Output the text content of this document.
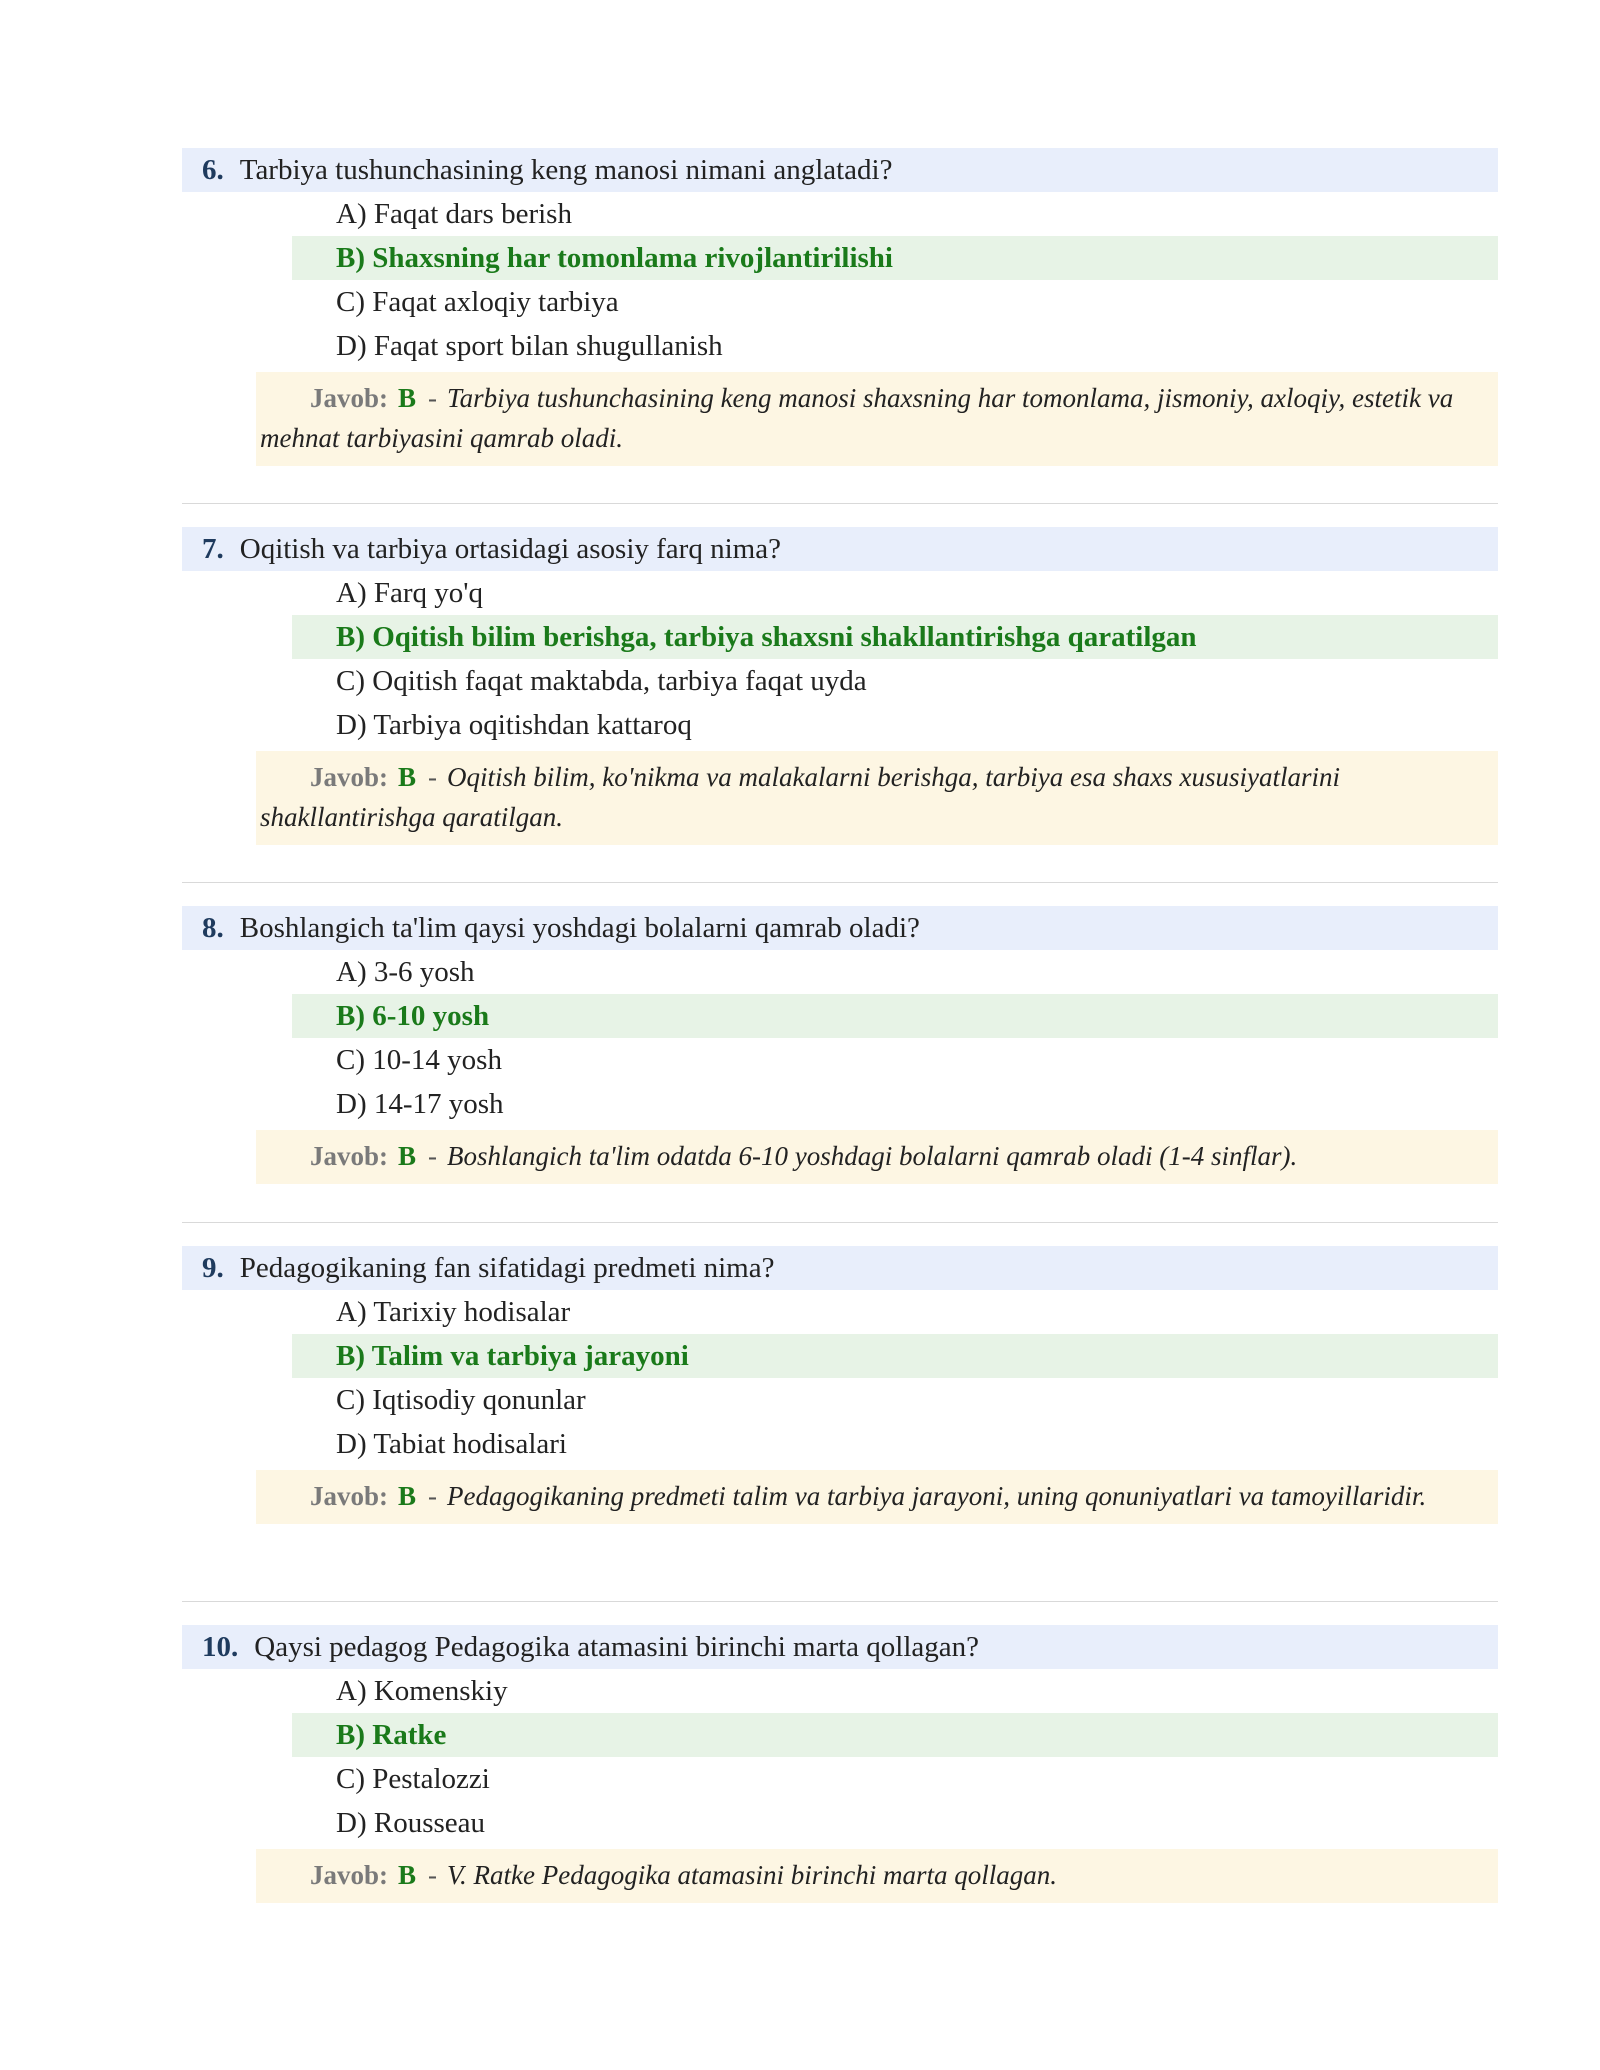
6. Tarbiya tushunchasining keng manosi nimani anglatadi?
A) Faqat dars berish
B) Shaxsning har tomonlama rivojlantirilishi
C) Faqat axloqiy tarbiya
D) Faqat sport bilan shugullanish
Javob: B - Tarbiya tushunchasining keng manosi shaxsning har tomonlama, jismoniy, axloqiy, estetik va mehnat tarbiyasini qamrab oladi.
7. Oqitish va tarbiya ortasidagi asosiy farq nima?
A) Farq yo'q
B) Oqitish bilim berishga, tarbiya shaxsni shakllantirishga qaratilgan
C) Oqitish faqat maktabda, tarbiya faqat uyda
D) Tarbiya oqitishdan kattaroq
Javob: B - Oqitish bilim, ko'nikma va malakalarni berishga, tarbiya esa shaxs xususiyatlarini shakllantirishga qaratilgan.
8. Boshlangich ta'lim qaysi yoshdagi bolalarni qamrab oladi?
A) 3-6 yosh
B) 6-10 yosh
C) 10-14 yosh
D) 14-17 yosh
Javob: B - Boshlangich ta'lim odatda 6-10 yoshdagi bolalarni qamrab oladi (1-4 sinflar).
9. Pedagogikaning fan sifatidagi predmeti nima?
A) Tarixiy hodisalar
B) Talim va tarbiya jarayoni
C) Iqtisodiy qonunlar
D) Tabiat hodisalari
Javob: B - Pedagogikaning predmeti talim va tarbiya jarayoni, uning qonuniyatlari va tamoyillaridir.
10. Qaysi pedagog Pedagogika atamasini birinchi marta qollagan?
A) Komenskiy
B) Ratke
C) Pestalozzi
D) Rousseau
Javob: B - V. Ratke Pedagogika atamasini birinchi marta qollagan.
